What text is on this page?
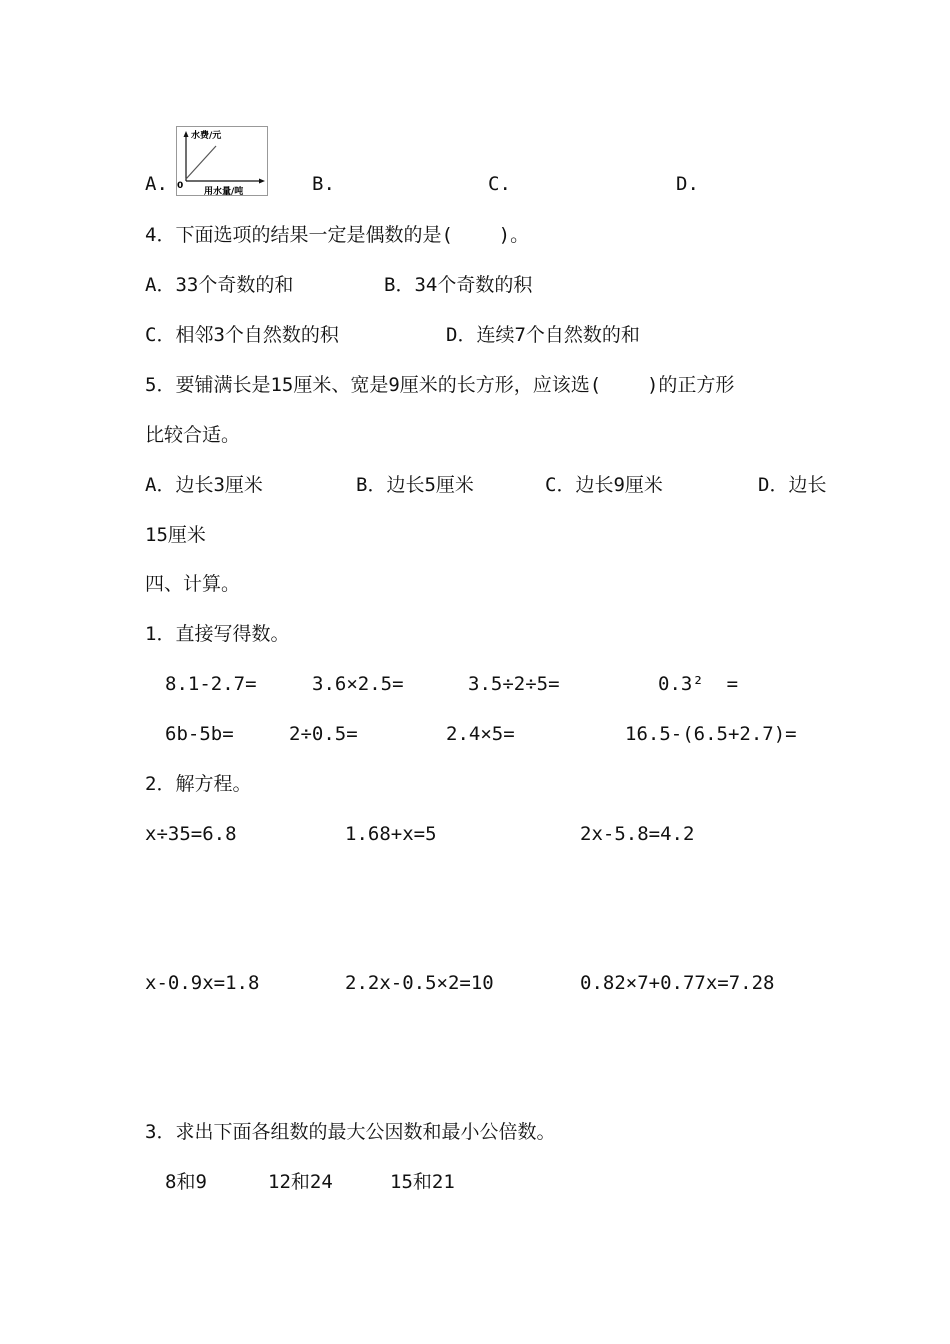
A.
水费/元
0
用水量/吨	B.	C.	D.
4．下面选项的结果一定是偶数的是(    )。
A．33个奇数的和	B．34个奇数的积
C．相邻3个自然数的积	D．连续7个自然数的和
5．要铺满长是15厘米、宽是9厘米的长方形，应该选(    )的正方形
比较合适。
A．边长3厘米	B．边长5厘米	C．边长9厘米	D．边长
15厘米
四、计算。
1．直接写得数。
8.1-2.7=	3.6×2.5=	3.5÷2÷5=	0.3²  =
6b-5b=	2÷0.5=	2.4×5=	16.5-(6.5+2.7)=
2．解方程。
x÷35=6.8	1.68+x=5	2x-5.8=4.2
x-0.9x=1.8	2.2x-0.5×2=10	0.82×7+0.77x=7.28
3．求出下面各组数的最大公因数和最小公倍数。
8和9	12和24	15和21
